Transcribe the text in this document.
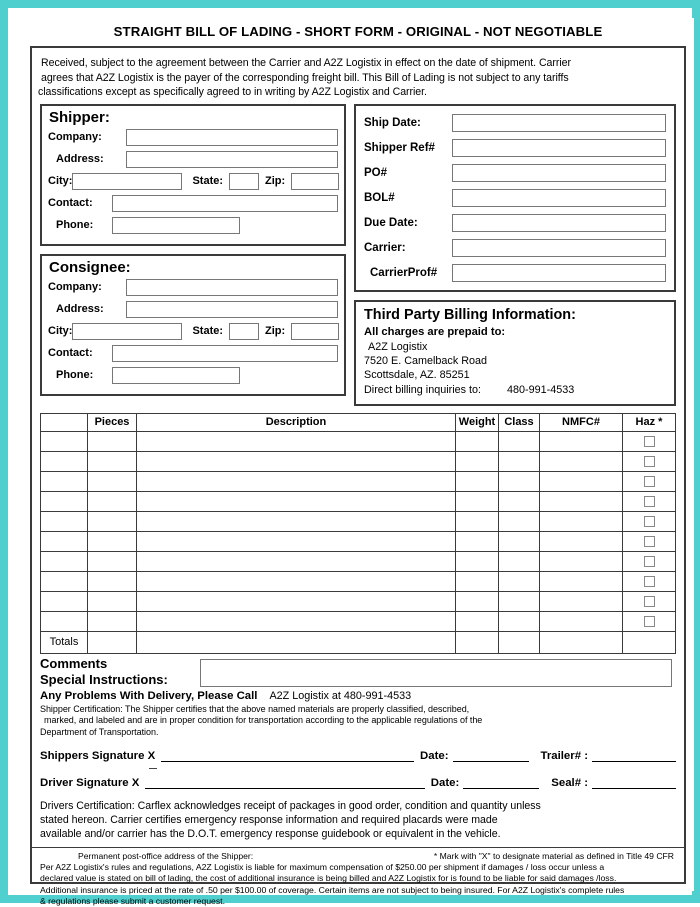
STRAIGHT BILL OF LADING - SHORT FORM - ORIGINAL - NOT NEGOTIABLE
Received, subject to the agreement between the Carrier and A2Z Logistix in effect on the date of shipment. Carrier
agrees that A2Z Logistix is the payer of the corresponding freight bill. This Bill of Lading is not subject to any tariffs
classifications except as specifically agreed to in writing by A2Z Logistix and Carrier.
Shipper:
Company:
Address:
City:	State:	Zip:
Contact:
Phone:
Consignee:
Company:
Address:
City:	State:	Zip:
Contact:
Phone:
Ship Date:
Shipper Ref#
PO#
BOL#
Due Date:
Carrier:
CarrierProf#
Third Party Billing Information:
All charges are prepaid to:
A2Z Logistix
7520 E. Camelback Road
Scottsdale, AZ. 85251
Direct billing inquiries to: 480-991-4533
	Pieces	Description	Weight	Class	NMFC#	Haz *

Totals						
Comments
Special Instructions:
Any Problems With Delivery, Please Call A2Z Logistix at 480-991-4533
Shipper Certification: The Shipper certifies that the above named materials are properly classified, described,
marked, and labeled and are in proper condition for transportation according to the applicable regulations of the
Department of Transportation.
Shippers Signature X	Date:	Trailer# :
Driver Signature X	Date:	Seal# :
Drivers Certification: Carflex acknowledges receipt of packages in good order, condition and quantity unless
stated hereon. Carrier certifies emergency response information and required placards were made
available and/or carrier has the D.O.T. emergency response guidebook or equivalent in the vehicle.
Permanent post-office address of the Shipper:	* Mark with "X" to designate material as defined in Title 49 CFR
Per A2Z Logistix's rules and regulations, A2Z Logistix is liable for maximum compensation of $250.00 per shipment if damages / loss occur unless a
declared value is stated on bill of lading, the cost of additional insurance is being billed and A2Z Logistix for is found to be liable for said damages /loss.
Additional insurance is priced at the rate of .50 per $100.00 of coverage. Certain items are not subject to being insured. For A2Z Logistix's complete rules
& regulations please submit a customer request.
